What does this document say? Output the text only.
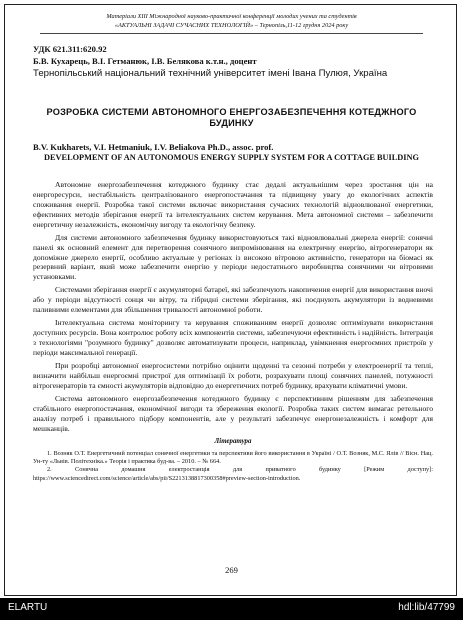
Матеріали XIII Міжнародної науково-практичної конференції молодих учених та студентів
«АКТУАЛЬНІ ЗАДАЧІ СУЧАСНИХ ТЕХНОЛОГІЙ» – Тернопіль,11-12 грудня 2024 року
УДК 621.311:620.92
Б.В. Кухарець, В.І. Гетманюк, І.В. Белякова к.т.н., доцент
Тернопільський національний технічний університет імені Івана Пулюя, Україна
РОЗРОБКА СИСТЕМИ АВТОНОМНОГО ЕНЕРГОЗАБЕЗПЕЧЕННЯ КОТЕДЖНОГО БУДИНКУ
B.V. Kukharets, V.I. Hetmaniuk, I.V. Beliakova Ph.D., assoc. prof.
DEVELOPMENT OF AN AUTONOMOUS ENERGY SUPPLY SYSTEM FOR A COTTAGE BUILDING

Автономне енергозабезпечення котеджного будинку стає дедалі актуальнішим через зростання цін на енергоресурси, нестабільність централізованого енергопостачання та підвищену увагу до екологічних аспектів споживання енергії. Розробка такої системи включає використання сучасних технологій відновлюваної енергетики, ефективних методів зберігання енергії та інтелектуальних систем керування. Мета автономної системи – забезпечити енергетичну незалежність, економічну вигоду та екологічну безпеку.

Для системи автономного забезпечення будинку використовуються такі відновлювальні джерела енергії: сонячні панелі як основний елемент для перетворення сонячного випромінювання на електричну енергію, вітрогенератори як допоміжне джерело енергії, особливо актуальне у регіонах із високою вітровою активністю, генератори на біомасі як резервний варіант, який може забезпечити енергію у періоди недостатнього виробництва сонячними чи вітровими установками.

Системами зберігання енергії є акумуляторні батареї, які забезпечують накопичення енергії для використання вночі або у періоди відсутності сонця чи вітру, та гібридні системи зберігання, які поєднують акумулятори із водневими паливними елементами для збільшення тривалості автономної роботи.

Інтелектуальна система моніторингу та керування споживанням енергії дозволяє оптимізувати використання доступних ресурсів. Вона контролює роботу всіх компонентів системи, забезпечуючи ефективність і надійність. Інтеграція з технологіями "розумного будинку" дозволяє автоматизувати процеси, наприклад, увімкнення енергоємних пристроїв у періоди максимальної генерації.

При розробці автономної енергосистеми потрібно оцінити щоденні та сезонні потреби у електроенергії та теплі, визначити найбільш енергоємні пристрої для оптимізації їх роботи, розрахувати площі сонячних панелей, потужності вітрогенераторів та ємності акумуляторів відповідно до енергетичних потреб будинку, врахувати кліматичні умови.

Система автономного енергозабезпечення котеджного будинку є перспективним рішенням для забезпечення стабільного енергопостачання, економічної вигоди та збереження екології. Розробка таких систем вимагає ретельного аналізу потреб і правильного підбору компонентів, але у результаті забезпечує енергонезалежність і комфорт для мешканців.

Література

1. Возняк О.Т. Енергетичний потенціал сонячної енергетики та перспективи його використання в Україні / О.Т. Возняк, М.С. Ялів // Вісн. Нац. Ун-ту «Львів. Політехніка.» Теорія і практика буд-ва. – 2010. – № 664.

2. Сонячна домашня електростанція для приватного будинку [Режим доступу]: https://www.sciencedirect.com/science/article/abs/pii/S2213138817300358#preview-section-introduction.

269
ELARTU	hdl:lib/47799
